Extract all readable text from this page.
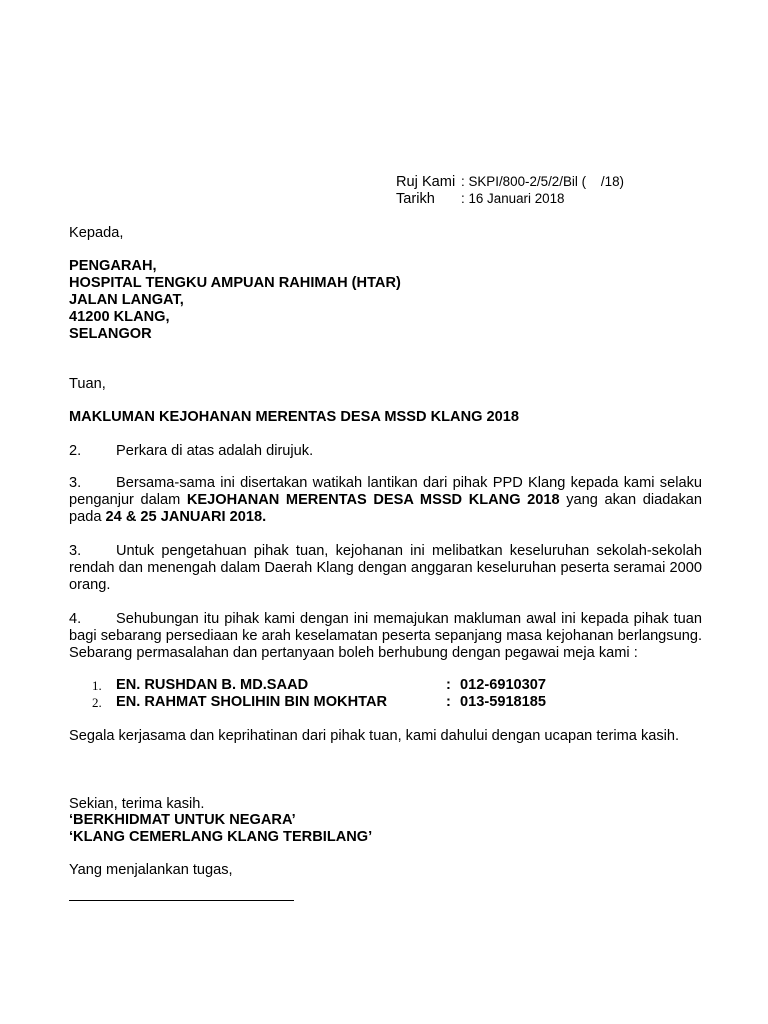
Ruj Kami : SKPI/800-2/5/2/Bil (    /18)
Tarikh : 16 Januari 2018
Kepada,
PENGARAH,
HOSPITAL TENGKU AMPUAN RAHIMAH (HTAR)
JALAN LANGAT,
41200 KLANG,
SELANGOR
Tuan,
MAKLUMAN KEJOHANAN MERENTAS DESA MSSD KLANG 2018
2. Perkara di atas adalah dirujuk.
3. Bersama-sama ini disertakan watikah lantikan dari pihak PPD Klang kepada kami selaku penganjur dalam KEJOHANAN MERENTAS DESA MSSD KLANG 2018 yang akan diadakan pada 24 & 25 JANUARI 2018.
3. Untuk pengetahuan pihak tuan, kejohanan ini melibatkan keseluruhan sekolah-sekolah rendah dan menengah dalam Daerah Klang dengan anggaran keseluruhan peserta seramai 2000 orang.
4. Sehubungan itu pihak kami dengan ini memajukan makluman awal ini kepada pihak tuan bagi sebarang persediaan ke arah keselamatan peserta sepanjang masa kejohanan berlangsung. Sebarang permasalahan dan pertanyaan boleh berhubung dengan pegawai meja kami :
1. EN. RUSHDAN B. MD.SAAD	: 012-6910307
2. EN. RAHMAT SHOLIHIN BIN MOKHTAR	: 013-5918185
Segala kerjasama dan keprihatinan dari pihak tuan, kami dahului dengan ucapan terima kasih.
Sekian, terima kasih.
‘BERKHIDMAT UNTUK NEGARA’
‘KLANG CEMERLANG KLANG TERBILANG’
Yang menjalankan tugas,
